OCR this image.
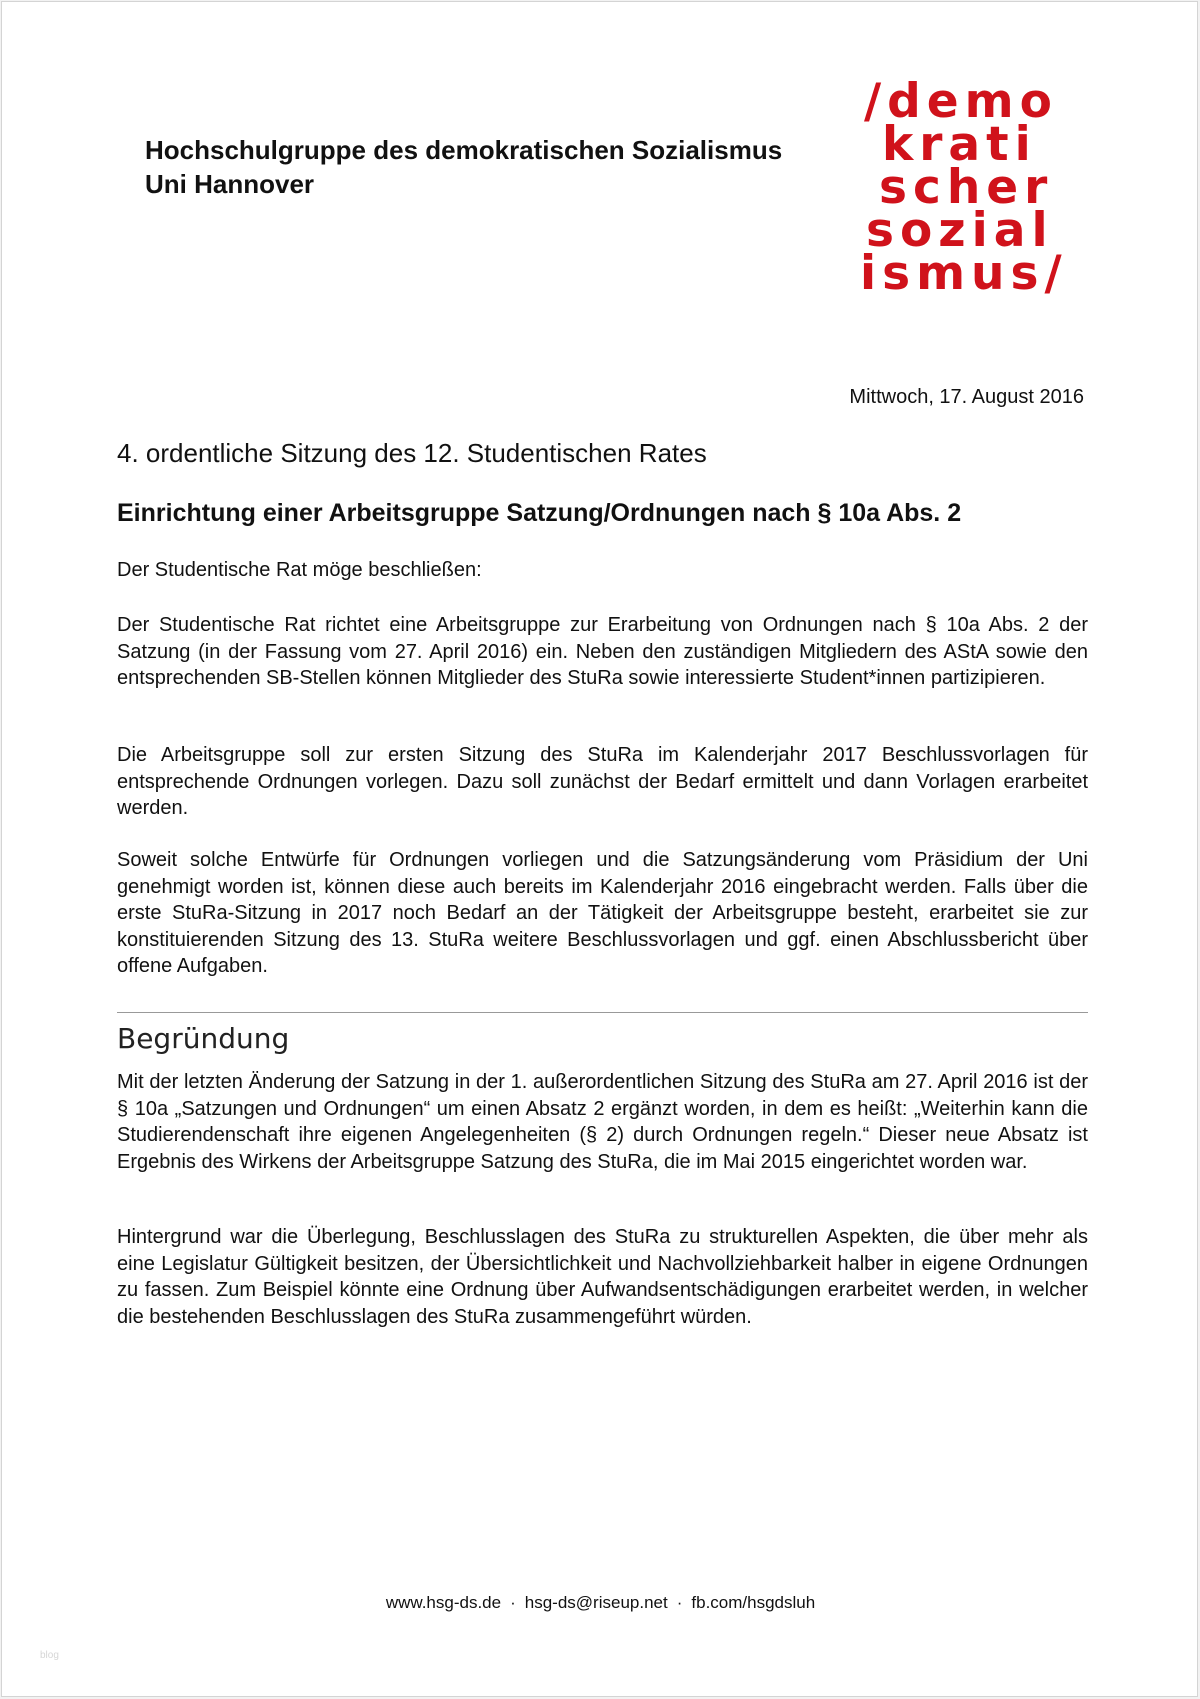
Hochschulgruppe des demokratischen Sozialismus
Uni Hannover
/demo
krati
scher
sozial
ismus/
Mittwoch, 17. August 2016
4. ordentliche Sitzung des 12. Studentischen Rates
Einrichtung einer Arbeitsgruppe Satzung/Ordnungen nach § 10a Abs. 2

Der Studentische Rat möge beschließen:

Der Studentische Rat richtet eine Arbeitsgruppe zur Erarbeitung von Ordnungen nach § 10a Abs. 2 der Satzung (in der Fassung vom 27. April 2016) ein. Neben den zuständigen Mitgliedern des AStA sowie den entsprechenden SB-Stellen können Mitglieder des StuRa sowie interessierte Student*innen partizipieren.

Die Arbeitsgruppe soll zur ersten Sitzung des StuRa im Kalenderjahr 2017 Beschlussvorlagen für entsprechende Ordnungen vorlegen. Dazu soll zunächst der Bedarf ermittelt und dann Vorlagen erarbeitet werden.

Soweit solche Entwürfe für Ordnungen vorliegen und die Satzungsänderung vom Präsidium der Uni genehmigt worden ist, können diese auch bereits im Kalenderjahr 2016 eingebracht werden. Falls über die erste StuRa-Sitzung in 2017 noch Bedarf an der Tätigkeit der Arbeitsgruppe besteht, erarbeitet sie zur konstituierenden Sitzung des 13. StuRa weitere Beschlussvorlagen und ggf. einen Abschlussbericht über offene Aufgaben.

Begründung

Mit der letzten Änderung der Satzung in der 1. außerordentlichen Sitzung des StuRa am 27. April 2016 ist der § 10a „Satzungen und Ordnungen“ um einen Absatz 2 ergänzt worden, in dem es heißt: „Weiterhin kann die Studierendenschaft ihre eigenen Angelegenheiten (§ 2) durch Ordnungen regeln.“ Dieser neue Absatz ist Ergebnis des Wirkens der Arbeitsgruppe Satzung des StuRa, die im Mai 2015 eingerichtet worden war.

Hintergrund war die Überlegung, Beschlusslagen des StuRa zu strukturellen Aspekten, die über mehr als eine Legislatur Gültigkeit besitzen, der Übersichtlichkeit und Nachvollziehbarkeit halber in eigene Ordnungen zu fassen. Zum Beispiel könnte eine Ordnung über Aufwandsentschädigungen erarbeitet werden, in welcher die bestehenden Beschlusslagen des StuRa zusammengeführt würden.

www.hsg-ds.de · hsg-ds@riseup.net · fb.com/hsgdsluh
blog
